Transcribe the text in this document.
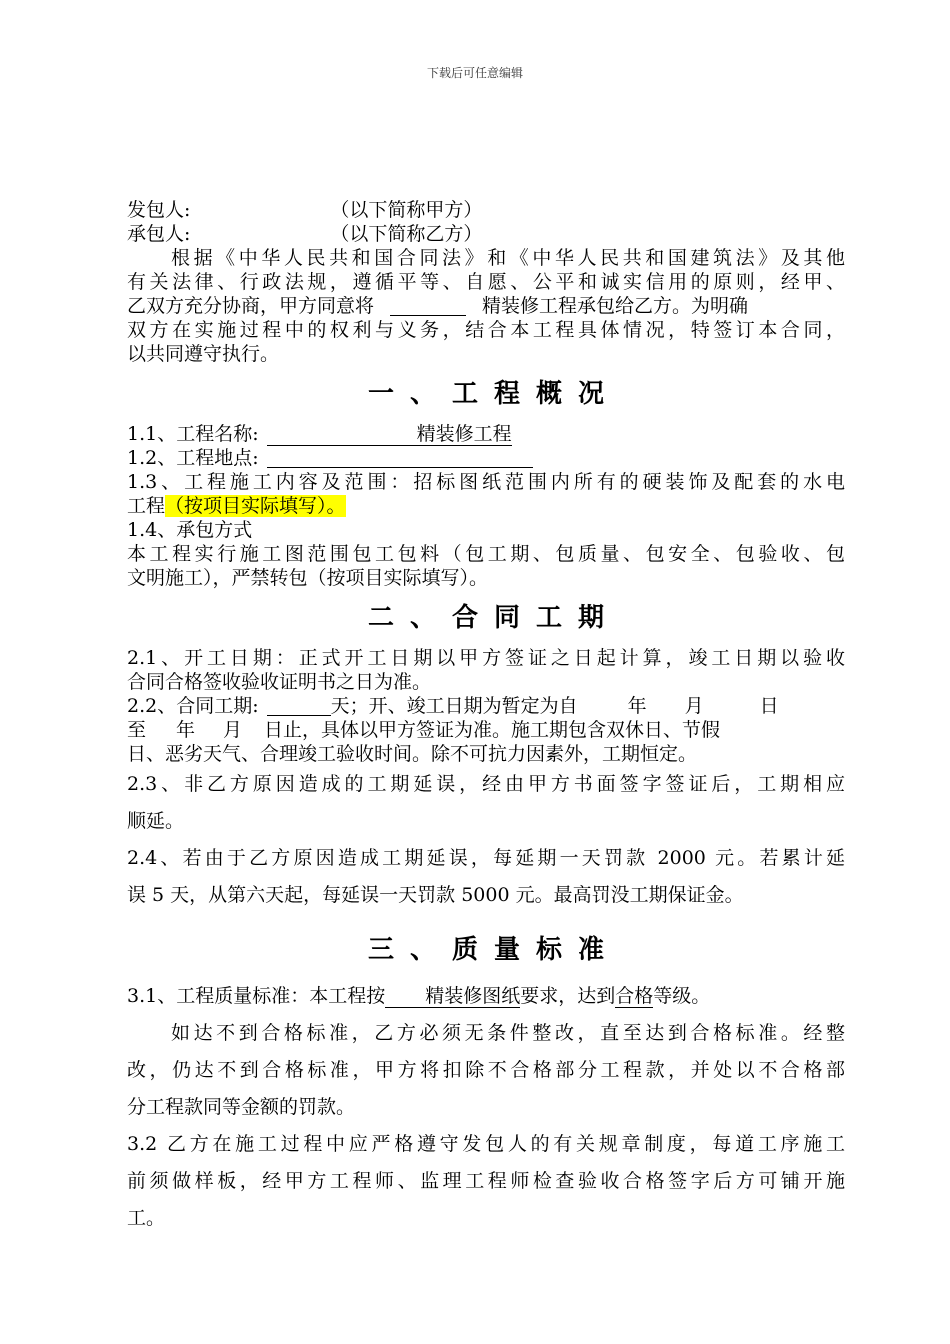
下载后可任意编辑
发包人:	（以下简称甲方）
承包人:	（以下简称乙方）
根据《中华人民共和国合同法》和《中华人民共和国建筑法》及其他
有关法律、行政法规，遵循平等、自愿、公平和诚实信用的原则，经甲、
乙双方充分协商，甲方同意将	精装修工程承包给乙方。为明确
双方在实施过程中的权利与义务，结合本工程具体情况，特签订本合同，
以共同遵守执行。
一、工程概况
1.1、工程名称:	精装修工程
1.2、工程地点:
1.3、工程施工内容及范围：招标图纸范围内所有的硬装饰及配套的水电
工程（按项目实际填写）。
1.4、承包方式
本工程实行施工图范围包工包料（包工期、包质量、包安全、包验收、包
文明施工），严禁转包（按项目实际填写）。
二、合同工期
2.1、开工日期：正式开工日期以甲方签证之日起计算，竣工日期以验收
合同合格签收验收证明书之日为准。
2.2、合同工期:	天；开、竣工日期为暂定为自	年 月	日
至 年 月 日止，具体以甲方签证为准。施工期包含双休日、节假
日、恶劣天气、合理竣工验收时间。除不可抗力因素外，工期恒定。
2.3、非乙方原因造成的工期延误，经由甲方书面签字签证后，工期相应
顺延。
2.4、若由于乙方原因造成工期延误，每延期一天罚款 2000 元。若累计延
误 5 天，从第六天起，每延误一天罚款 5000 元。最高罚没工期保证金。
三、质量标准
3.1、工程质量标准：本工程按 精装修图纸要求，达到合格等级。
如达不到合格标准，乙方必须无条件整改，直至达到合格标准。经整
改，仍达不到合格标准，甲方将扣除不合格部分工程款，并处以不合格部
分工程款同等金额的罚款。
3.2 乙方在施工过程中应严格遵守发包人的有关规章制度，每道工序施工
前须做样板，经甲方工程师、监理工程师检查验收合格签字后方可铺开施
工。
